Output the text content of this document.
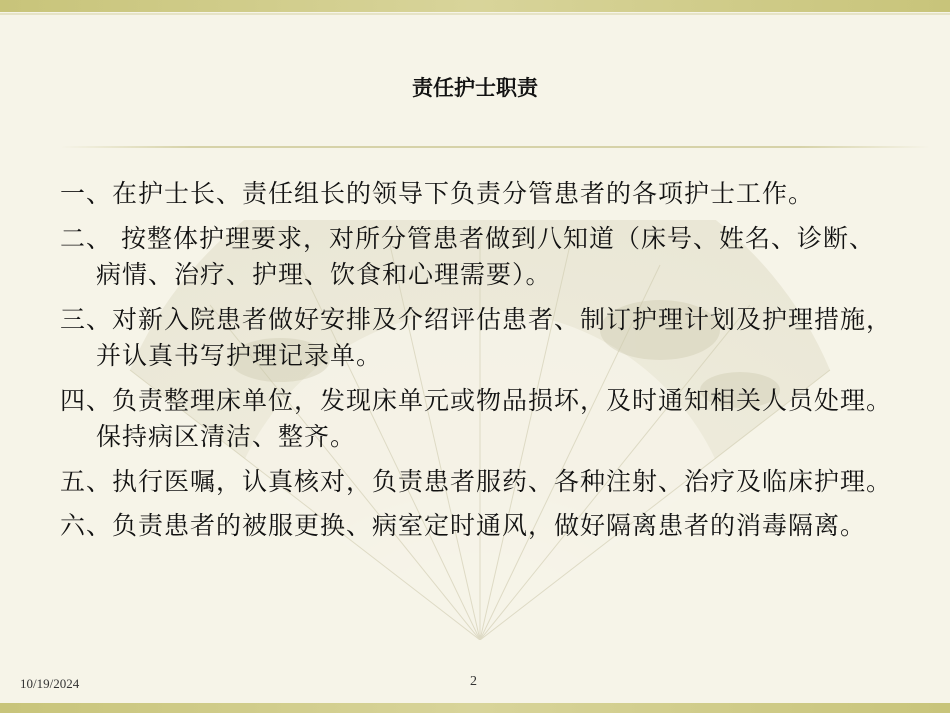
责任护士职责
一、在护士长、责任组长的领导下负责分管患者的各项护士工作。
二、 按整体护理要求，对所分管患者做到八知道（床号、姓名、诊断、病情、治疗、护理、饮食和心理需要）。
三、对新入院患者做好安排及介绍评估患者、制订护理计划及护理措施，并认真书写护理记录单。
四、负责整理床单位，发现床单元或物品损坏，及时通知相关人员处理。保持病区清洁、整齐。
五、执行医嘱，认真核对，负责患者服药、各种注射、治疗及临床护理。
六、负责患者的被服更换、病室定时通风，做好隔离患者的消毒隔离。
10/19/2024	2
